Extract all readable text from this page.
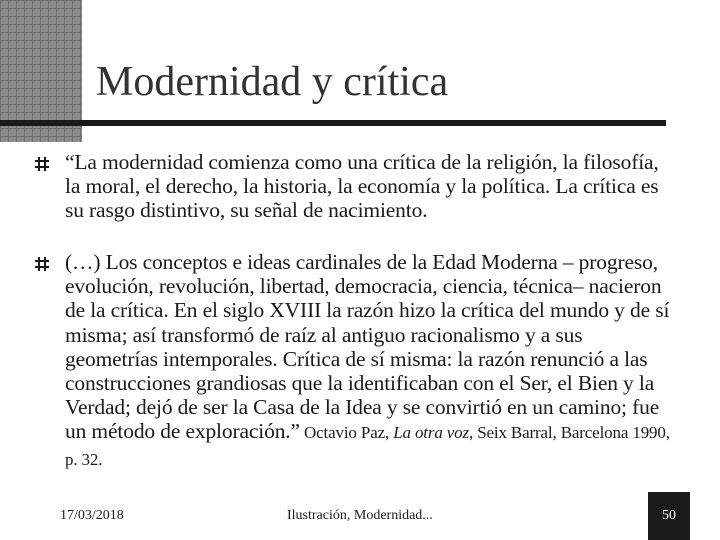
Modernidad y crítica
“La modernidad comienza como una crítica de la religión, la filosofía, la moral, el derecho, la historia, la economía y la política. La crítica es su rasgo distintivo, su señal de nacimiento.
(…) Los conceptos e ideas cardinales de la Edad Moderna – progreso, evolución, revolución, libertad, democracia, ciencia, técnica– nacieron de la crítica. En el siglo XVIII la razón hizo la crítica del mundo y de sí misma; así transformó de raíz al antiguo racionalismo y a sus geometrías intemporales. Crítica de sí misma: la razón renunció a las construcciones grandiosas que la identificaban con el Ser, el Bien y la Verdad; dejó de ser la Casa de la Idea y se convirtió en un camino; fue un método de exploración.” Octavio Paz, La otra voz, Seix Barral, Barcelona 1990, p. 32.
17/03/2018	Ilustración, Modernidad...	50
